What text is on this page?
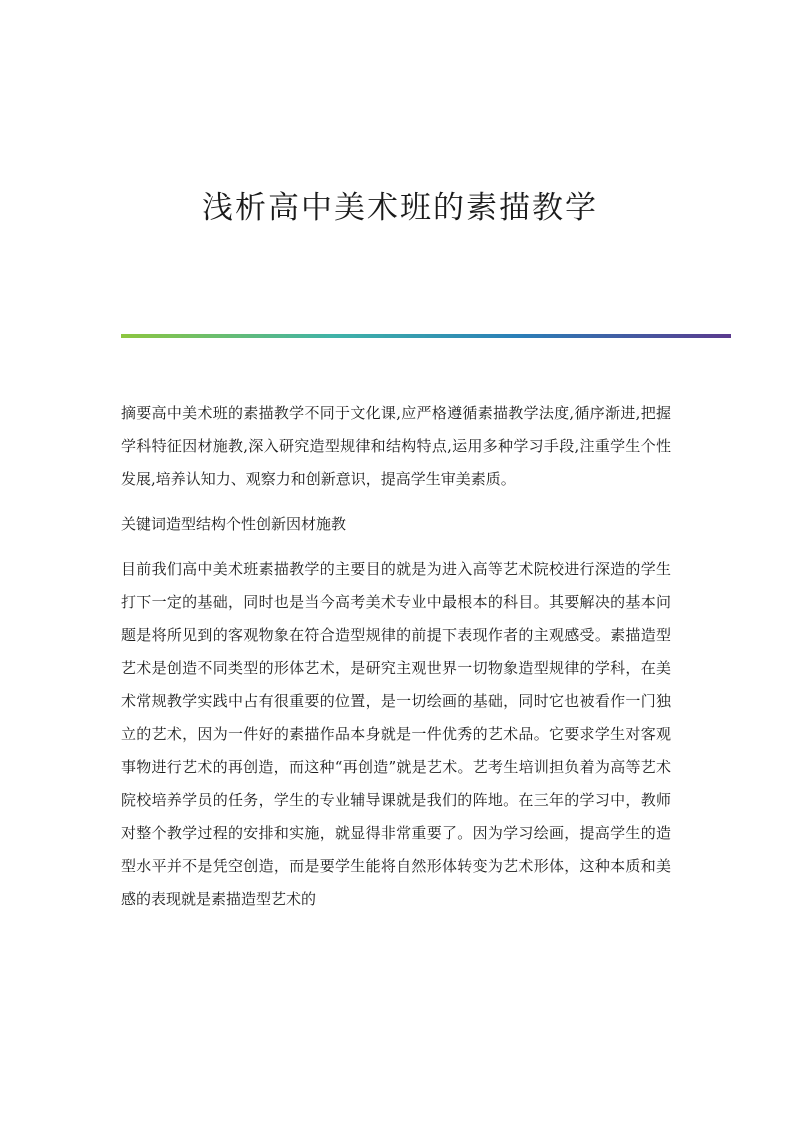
浅析高中美术班的素描教学

摘要高中美术班的素描教学不同于文化课,应严格遵循素描教学法度,循序渐进,把握学科特征因材施教,深入研究造型规律和结构特点,运用多种学习手段,注重学生个性发展,培养认知力、观察力和创新意识，提高学生审美素质。

关键词造型结构个性创新因材施教

目前我们高中美术班素描教学的主要目的就是为进入高等艺术院校进行深造的学生打下一定的基础，同时也是当今高考美术专业中最根本的科目。其要解决的基本问题是将所见到的客观物象在符合造型规律的前提下表现作者的主观感受。素描造型艺术是创造不同类型的形体艺术，是研究主观世界一切物象造型规律的学科，在美术常规教学实践中占有很重要的位置，是一切绘画的基础，同时它也被看作一门独立的艺术，因为一件好的素描作品本身就是一件优秀的艺术品。它要求学生对客观事物进行艺术的再创造，而这种“再创造”就是艺术。艺考生培训担负着为高等艺术院校培养学员的任务，学生的专业辅导课就是我们的阵地。在三年的学习中，教师对整个教学过程的安排和实施，就显得非常重要了。因为学习绘画，提高学生的造型水平并不是凭空创造，而是要学生能将自然形体转变为艺术形体，这种本质和美感的表现就是素描造型艺术的
